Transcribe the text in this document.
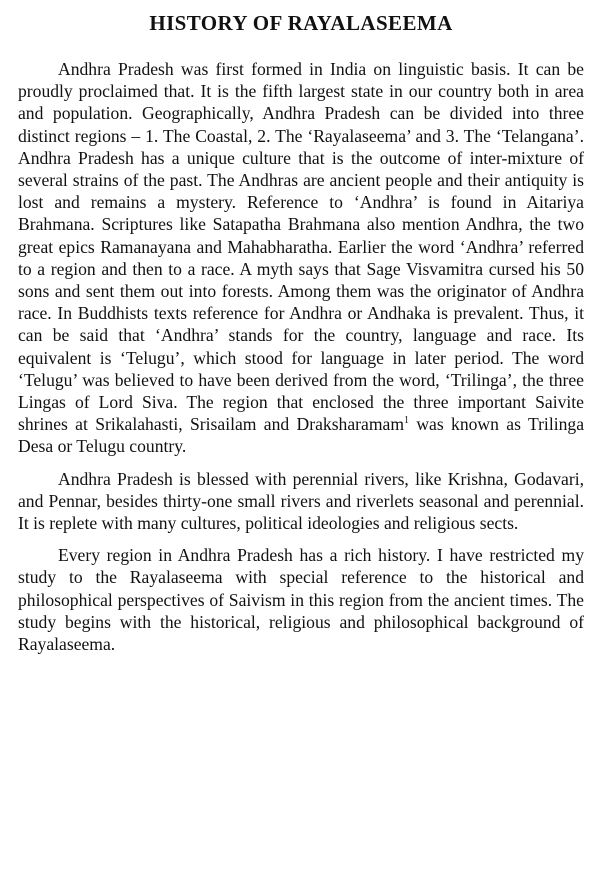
HISTORY OF RAYALASEEMA

Andhra Pradesh was first formed in India on linguistic basis. It can be proudly proclaimed that. It is the fifth largest state in our country both in area and population. Geographically, Andhra Pradesh can be divided into three distinct regions – 1. The Coastal, 2. The ‘Rayalaseema’ and 3. The ‘Telangana’. Andhra Pradesh has a unique culture that is the outcome of inter-mixture of several strains of the past. The Andhras are ancient people and their antiquity is lost and remains a mystery. Reference to ‘Andhra’ is found in Aitariya Brahmana. Scriptures like Satapatha Brahmana also mention Andhra, the two great epics Ramanayana and Mahabharatha. Earlier the word ‘Andhra’ referred to a region and then to a race. A myth says that Sage Visvamitra cursed his 50 sons and sent them out into forests. Among them was the originator of Andhra race. In Buddhists texts reference for Andhra or Andhaka is prevalent. Thus, it can be said that ‘Andhra’ stands for the country, language and race. Its equivalent is ‘Telugu’, which stood for language in later period. The word ‘Telugu’ was believed to have been derived from the word, ‘Trilinga’, the three Lingas of Lord Siva. The region that enclosed the three important Saivite shrines at Srikalahasti, Srisailam and Draksharamam$^1$ was known as Trilinga Desa or Telugu country.

Andhra Pradesh is blessed with perennial rivers, like Krishna, Godavari, and Pennar, besides thirty-one small rivers and riverlets seasonal and perennial. It is replete with many cultures, political ideologies and religious sects.

Every region in Andhra Pradesh has a rich history. I have restricted my study to the Rayalaseema with special reference to the historical and philosophical perspectives of Saivism in this region from the ancient times. The study begins with the historical, religious and philosophical background of Rayalaseema.
